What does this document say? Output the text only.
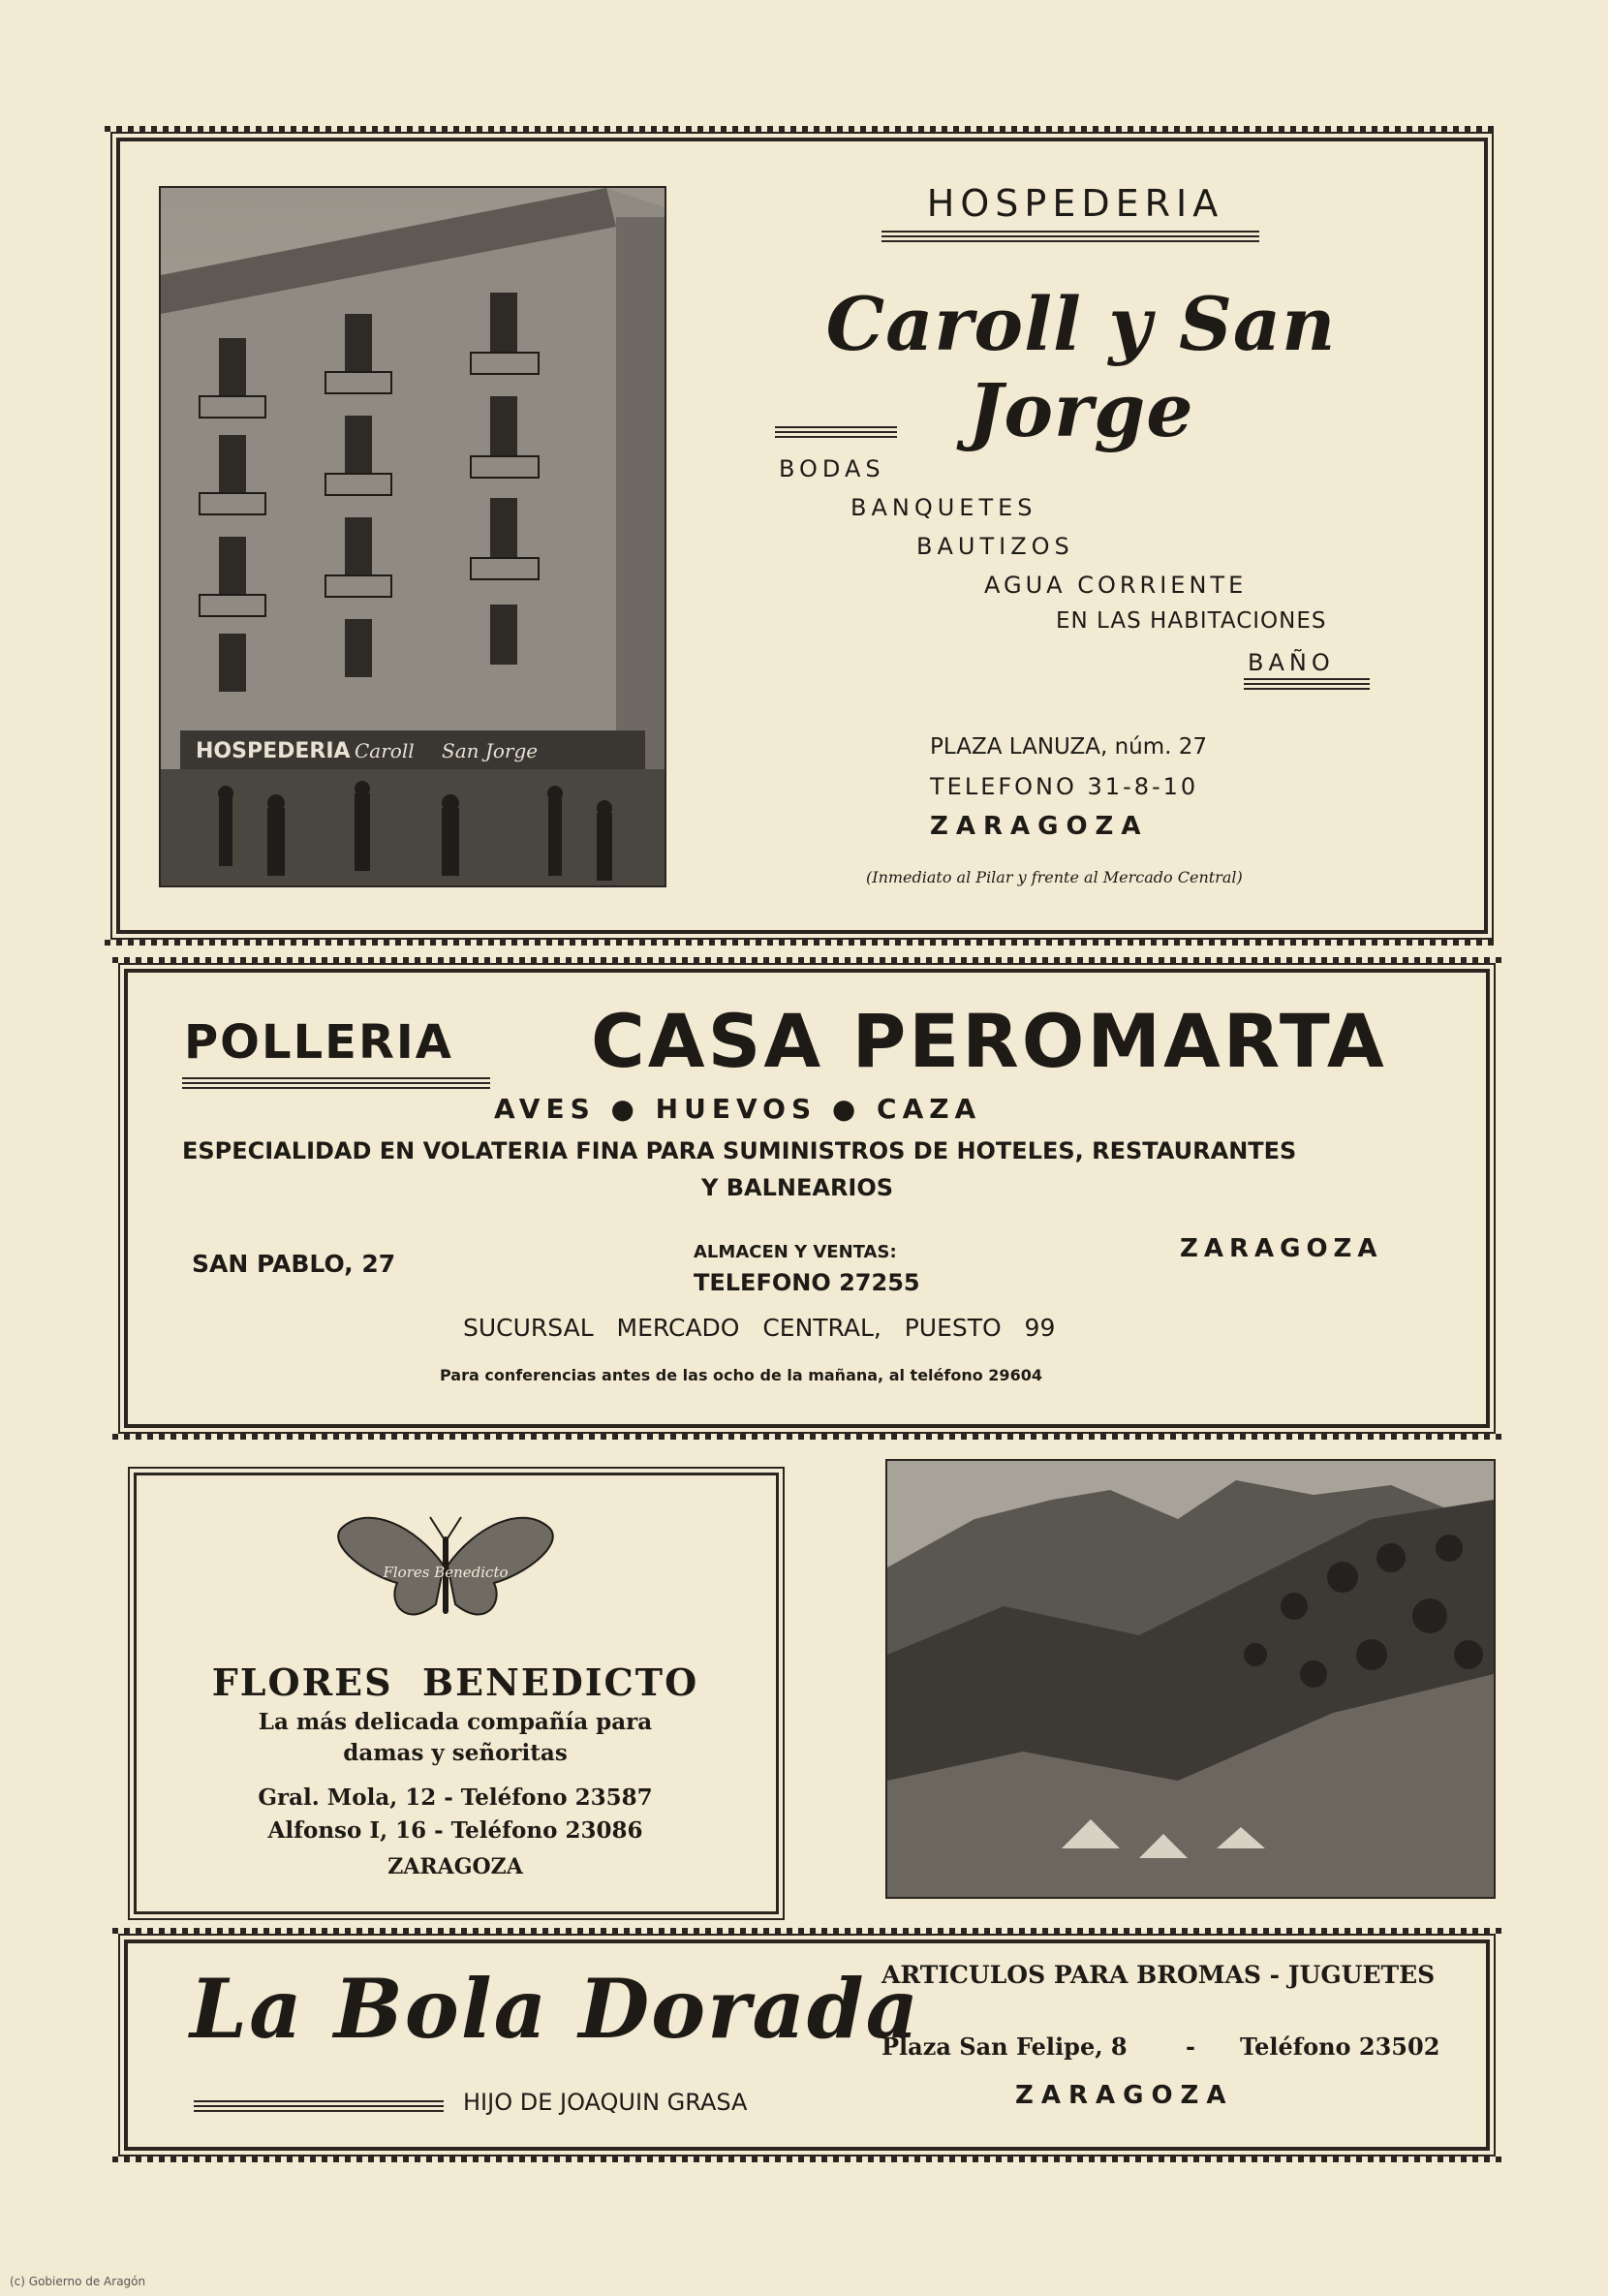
HOSPEDERIA Caroll San Jorge
HOSPEDERIA
Caroll y San Jorge
BODAS
BANQUETES
BAUTIZOS
AGUA CORRIENTE
EN LAS HABITACIONES
BAÑO
PLAZA LANUZA, núm. 27
TELEFONO 31-8-10
ZARAGOZA
(Inmediato al Pilar y frente al Mercado Central)
POLLERIA CASA PEROMARTA
AVES ● HUEVOS ● CAZA
ESPECIALIDAD EN VOLATERIA FINA PARA SUMINISTROS DE HOTELES, RESTAURANTES
Y BALNEARIOS
SAN PABLO, 27	ALMACEN Y VENTAS:
TELEFONO 27255
ZARAGOZA
SUCURSAL   MERCADO   CENTRAL,   PUESTO   99
Para conferencias antes de las ocho de la mañana, al teléfono 29604
Flores Benedicto
FLORES  BENEDICTO
La más delicada compañía para
damas y señoritas
Gral. Mola, 12 - Teléfono 23587
Alfonso I, 16 - Teléfono 23086
ZARAGOZA
La Bola Dorada
HIJO DE JOAQUIN GRASA
ARTICULOS PARA BROMAS - JUGUETES
Plaza San Felipe, 8	- Teléfono 23502
ZARAGOZA
(c) Gobierno de Aragón
